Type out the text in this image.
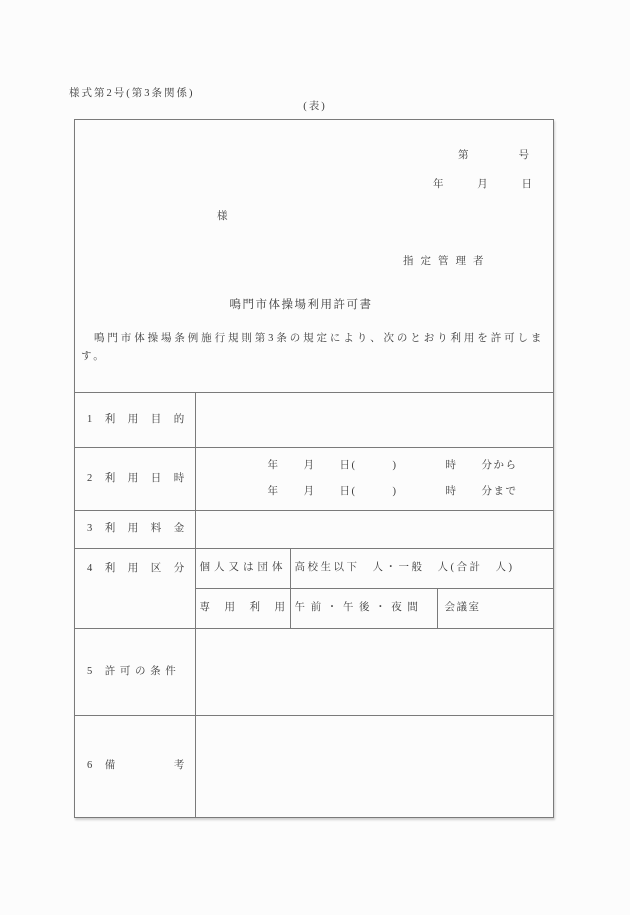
様式第2号(第3条関係)
(表)
第	号
年	月	日
様
指定管理者
鳴門市体操場利用許可書
鳴門市体操場条例施行規則第3条の規定により、次のとおり利用を許可します。
1　利　用　目　的			
2　利　用　日　時	年　　月　　日(　　　)　　　　時　　分から
年　　月　　日(　　　)　　　　時　　分まで		

3　利　用　料　金			
4　利　用　区　分	個人又は団体	高校生以下　人・一般　人(合計　人)	
	専　用　利　用	午 前 ・ 午 後 ・ 夜 間	会議室
5　許 可 の 条 件			
6　備　　　　　考			
